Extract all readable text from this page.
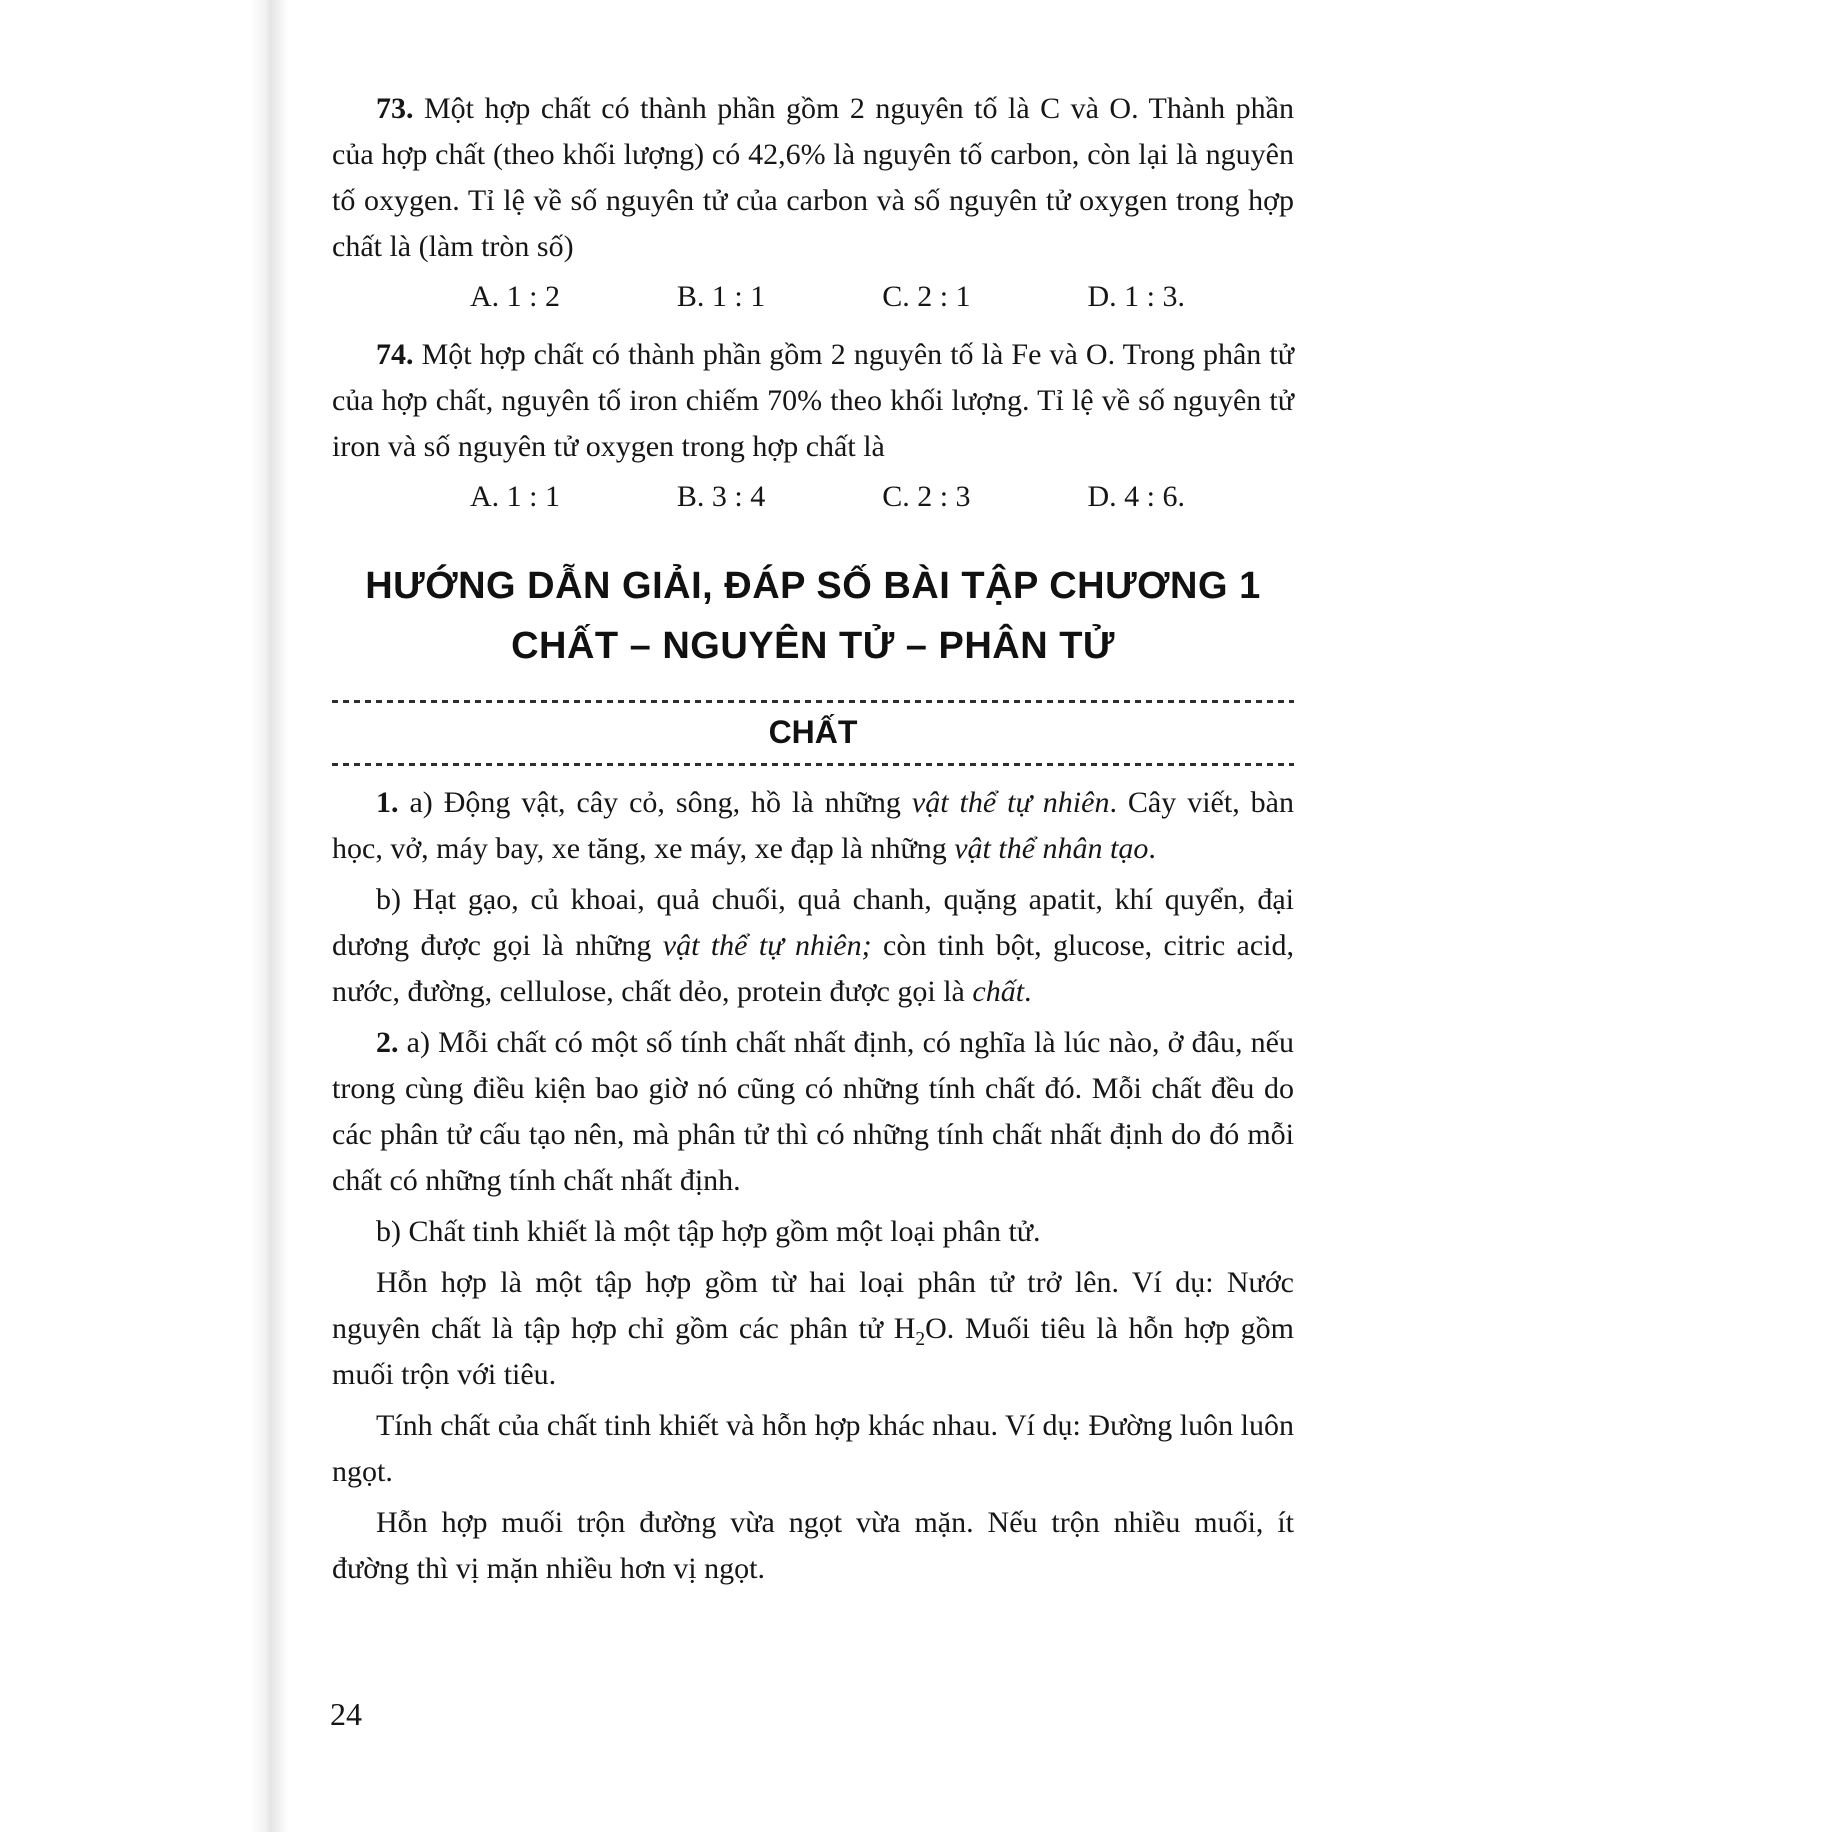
73. Một hợp chất có thành phần gồm 2 nguyên tố là C và O. Thành phần của hợp chất (theo khối lượng) có 42,6% là nguyên tố carbon, còn lại là nguyên tố oxygen. Tỉ lệ về số nguyên tử của carbon và số nguyên tử oxygen trong hợp chất là (làm tròn số)

A. 1 : 2	B. 1 : 1	C. 2 : 1	D. 1 : 3.

74. Một hợp chất có thành phần gồm 2 nguyên tố là Fe và O. Trong phân tử của hợp chất, nguyên tố iron chiếm 70% theo khối lượng. Tỉ lệ về số nguyên tử iron và số nguyên tử oxygen trong hợp chất là

A. 1 : 1	B. 3 : 4	C. 2 : 3	D. 4 : 6.
HƯỚNG DẪN GIẢI, ĐÁP SỐ BÀI TẬP CHƯƠNG 1
CHẤT – NGUYÊN TỬ – PHÂN TỬ
CHẤT

1. a) Động vật, cây cỏ, sông, hồ là những vật thể tự nhiên. Cây viết, bàn học, vở, máy bay, xe tăng, xe máy, xe đạp là những vật thể nhân tạo.

b) Hạt gạo, củ khoai, quả chuối, quả chanh, quặng apatit, khí quyển, đại dương được gọi là những vật thể tự nhiên; còn tinh bột, glucose, citric acid, nước, đường, cellulose, chất dẻo, protein được gọi là chất.

2. a) Mỗi chất có một số tính chất nhất định, có nghĩa là lúc nào, ở đâu, nếu trong cùng điều kiện bao giờ nó cũng có những tính chất đó. Mỗi chất đều do các phân tử cấu tạo nên, mà phân tử thì có những tính chất nhất định do đó mỗi chất có những tính chất nhất định.

b) Chất tinh khiết là một tập hợp gồm một loại phân tử.

Hỗn hợp là một tập hợp gồm từ hai loại phân tử trở lên. Ví dụ: Nước nguyên chất là tập hợp chỉ gồm các phân tử $H_2O$. Muối tiêu là hỗn hợp gồm muối trộn với tiêu.

Tính chất của chất tinh khiết và hỗn hợp khác nhau. Ví dụ: Đường luôn luôn ngọt.

Hỗn hợp muối trộn đường vừa ngọt vừa mặn. Nếu trộn nhiều muối, ít đường thì vị mặn nhiều hơn vị ngọt.

24
